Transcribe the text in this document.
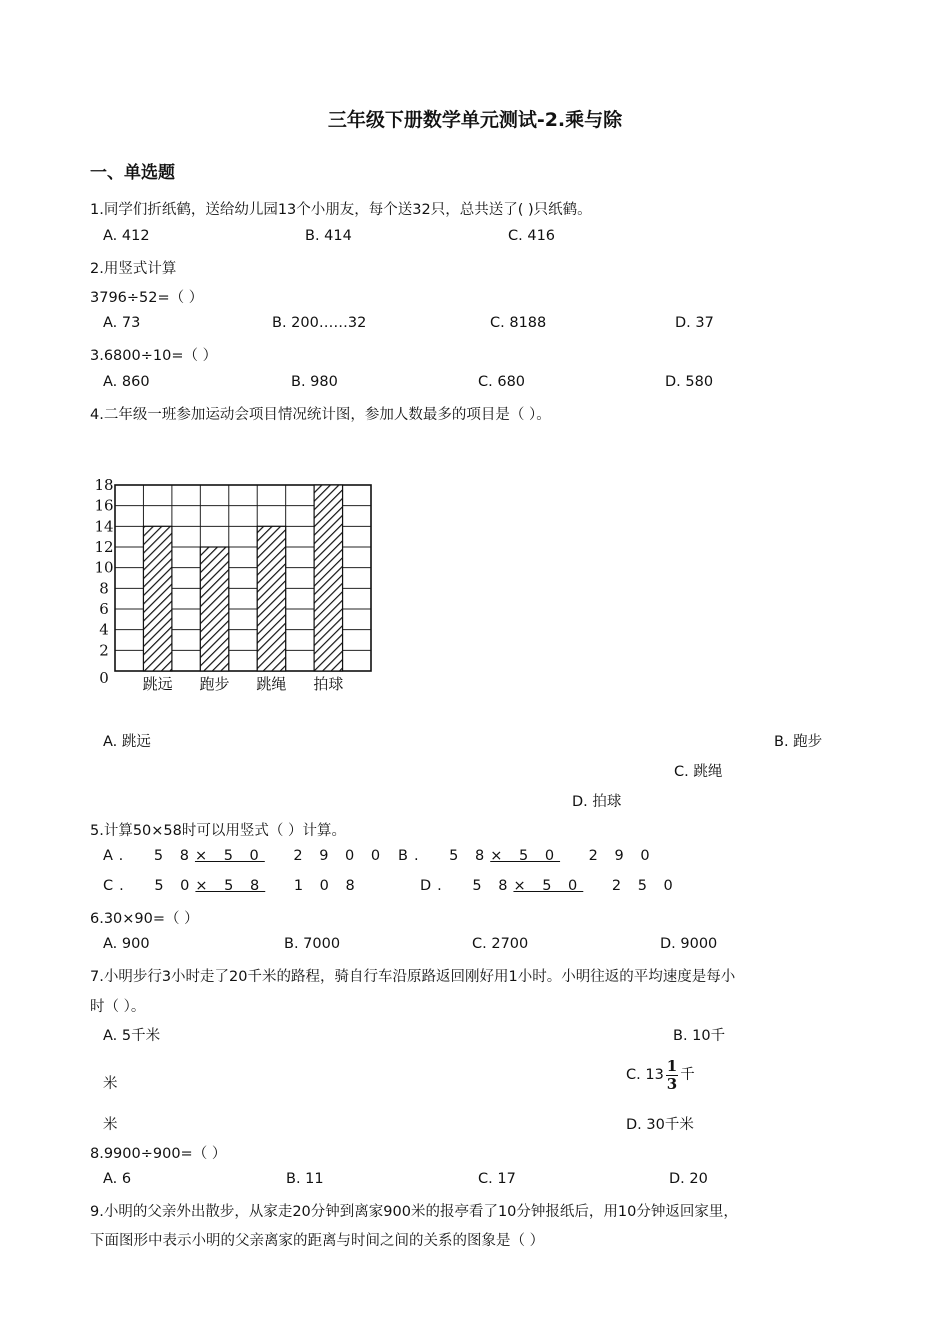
三年级下册数学单元测试-2.乘与除
一、单选题
1.同学们折纸鹤，送给幼儿园13个小朋友，每个送32只，总共送了( )只纸鹤。
A. 412	B. 414	C. 416
2.用竖式计算
3796÷52=（ ）
A. 73	B. 200……32	C. 8188	D. 37
3.6800÷10=（ ）
A. 860	B. 980	C. 680	D. 580
4.二年级一班参加运动会项目情况统计图，参加人数最多的项目是（ ）。
0
2
4
6
8
10
12
14
16
18
跳远 跑步 跳绳 拍球
A. 跳远	B. 跑步
C. 跳绳
D. 拍球
5.计算50×58时可以用竖式（ ）计算。
A. 5 8× 5 0 2 9 0 0 B. 5 8× 5 0 2 9 0
C. 5 0× 5 8 1 0 8	D. 5 8× 5 0 2 5 0
6.30×90=（ ）
A. 900	B. 7000	C. 2700	D. 9000
7.小明步行3小时走了20千米的路程，骑自行车沿原路返回刚好用1小时。小明往返的平均速度是每小
时（ ）。
A. 5千米	B. 10千
米
C. $13 \frac{1}{3}$ 千
米	D. 30千米
8.9900÷900=（ ）
A. 6	B. 11	C. 17	D. 20
9.小明的父亲外出散步，从家走20分钟到离家900米的报亭看了10分钟报纸后，用10分钟返回家里，
下面图形中表示小明的父亲离家的距离与时间之间的关系的图象是（ ）
